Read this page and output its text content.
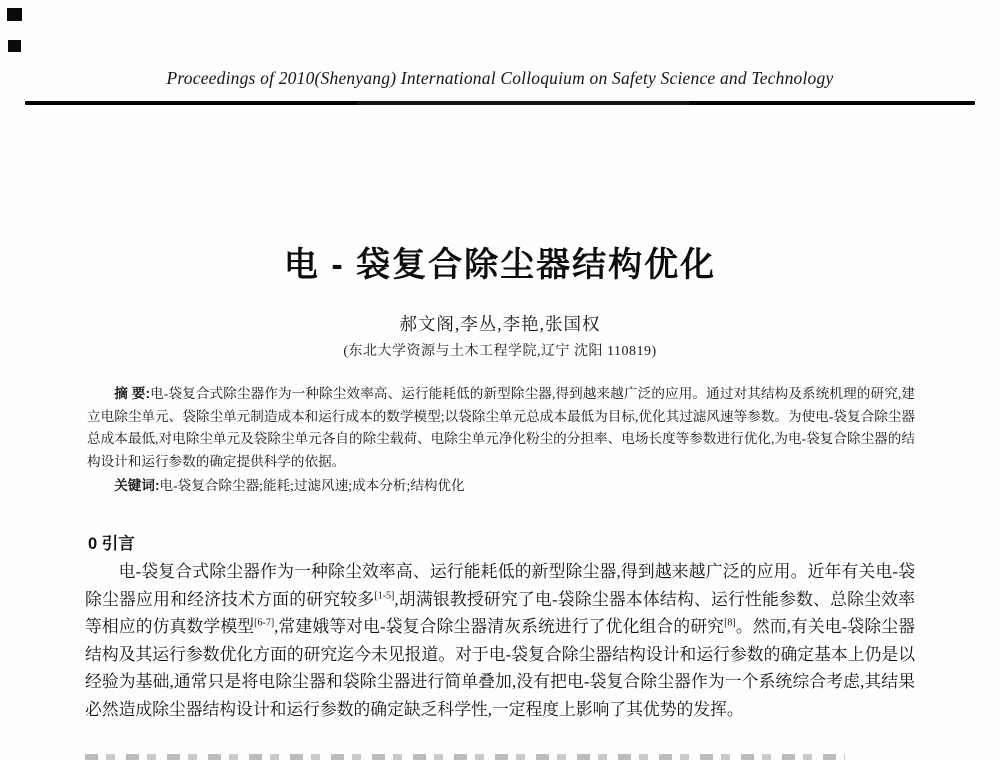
Proceedings of 2010(Shenyang) International Colloquium on Safety Science and Technology
电 - 袋复合除尘器结构优化
郝文阁,李丛,李艳,张国权
(东北大学资源与土木工程学院,辽宁 沈阳 110819)

摘 要:电-袋复合式除尘器作为一种除尘效率高、运行能耗低的新型除尘器,得到越来越广泛的应用。通过对其结构及系统机理的研究,建立电除尘单元、袋除尘单元制造成本和运行成本的数学模型;以袋除尘单元总成本最低为目标,优化其过滤风速等参数。为使电-袋复合除尘器总成本最低,对电除尘单元及袋除尘单元各自的除尘载荷、电除尘单元净化粉尘的分担率、电场长度等参数进行优化,为电-袋复合除尘器的结构设计和运行参数的确定提供科学的依据。

关键词:电-袋复合除尘器;能耗;过滤风速;成本分析;结构优化

0 引言

电-袋复合式除尘器作为一种除尘效率高、运行能耗低的新型除尘器,得到越来越广泛的应用。近年有关电-袋除尘器应用和经济技术方面的研究较多[1-5],胡满银教授研究了电-袋除尘器本体结构、运行性能参数、总除尘效率等相应的仿真数学模型[6-7],常建娥等对电-袋复合除尘器清灰系统进行了优化组合的研究[8]。然而,有关电-袋除尘器结构及其运行参数优化方面的研究迄今未见报道。对于电-袋复合除尘器结构设计和运行参数的确定基本上仍是以经验为基础,通常只是将电除尘器和袋除尘器进行简单叠加,没有把电-袋复合除尘器作为一个系统综合考虑,其结果必然造成除尘器结构设计和运行参数的确定缺乏科学性,一定程度上影响了其优势的发挥。
